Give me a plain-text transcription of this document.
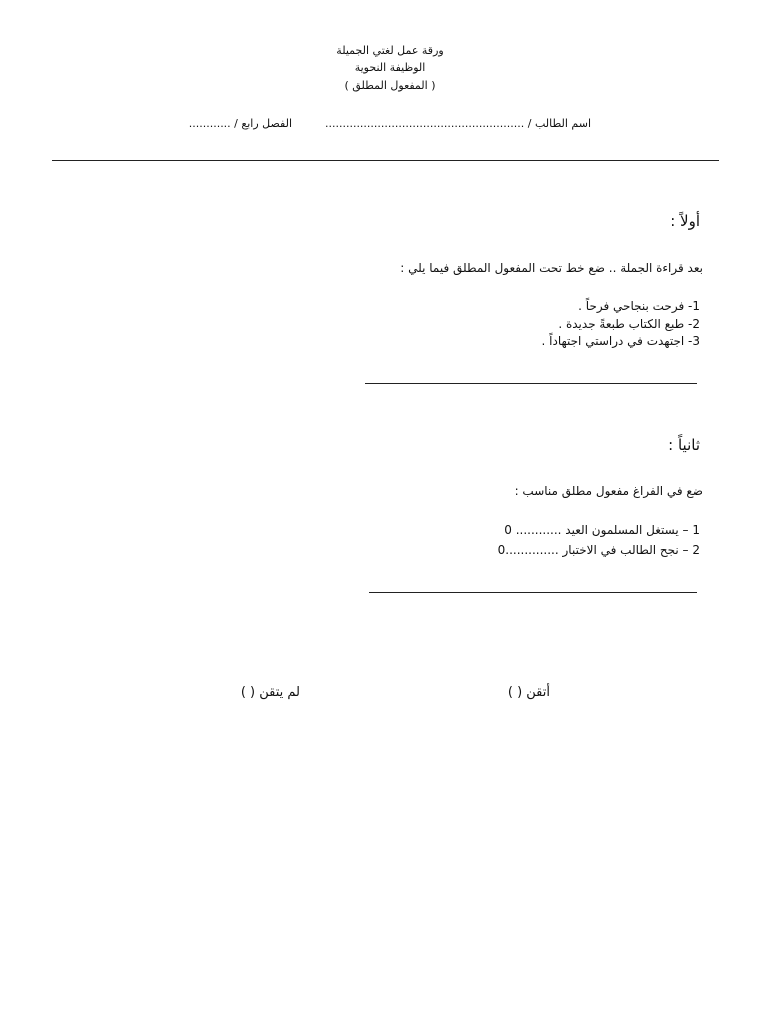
ورقة عمل لغتي الجميلة
الوظيفة النحوية
( المفعول المطلق )
اسم الطالب / .........................................................
الفصل رابع / ............
أولاً :
بعد قراءة الجملة .. ضع خط تحت المفعول المطلق فيما يلي :
1- فرحت بنجاحي فرحاً .
2- طبع الكتاب طبعةً جديدة .
3- اجتهدت في دراستي اجتهاداً .
ثانياً :
ضع في الفراغ مفعول مطلق مناسب :
1 – يستغل المسلمون العيد ............ 0
2 – نجح الطالب في الاختبار ..............0
أتقن ( )
لم يتقن ( )
